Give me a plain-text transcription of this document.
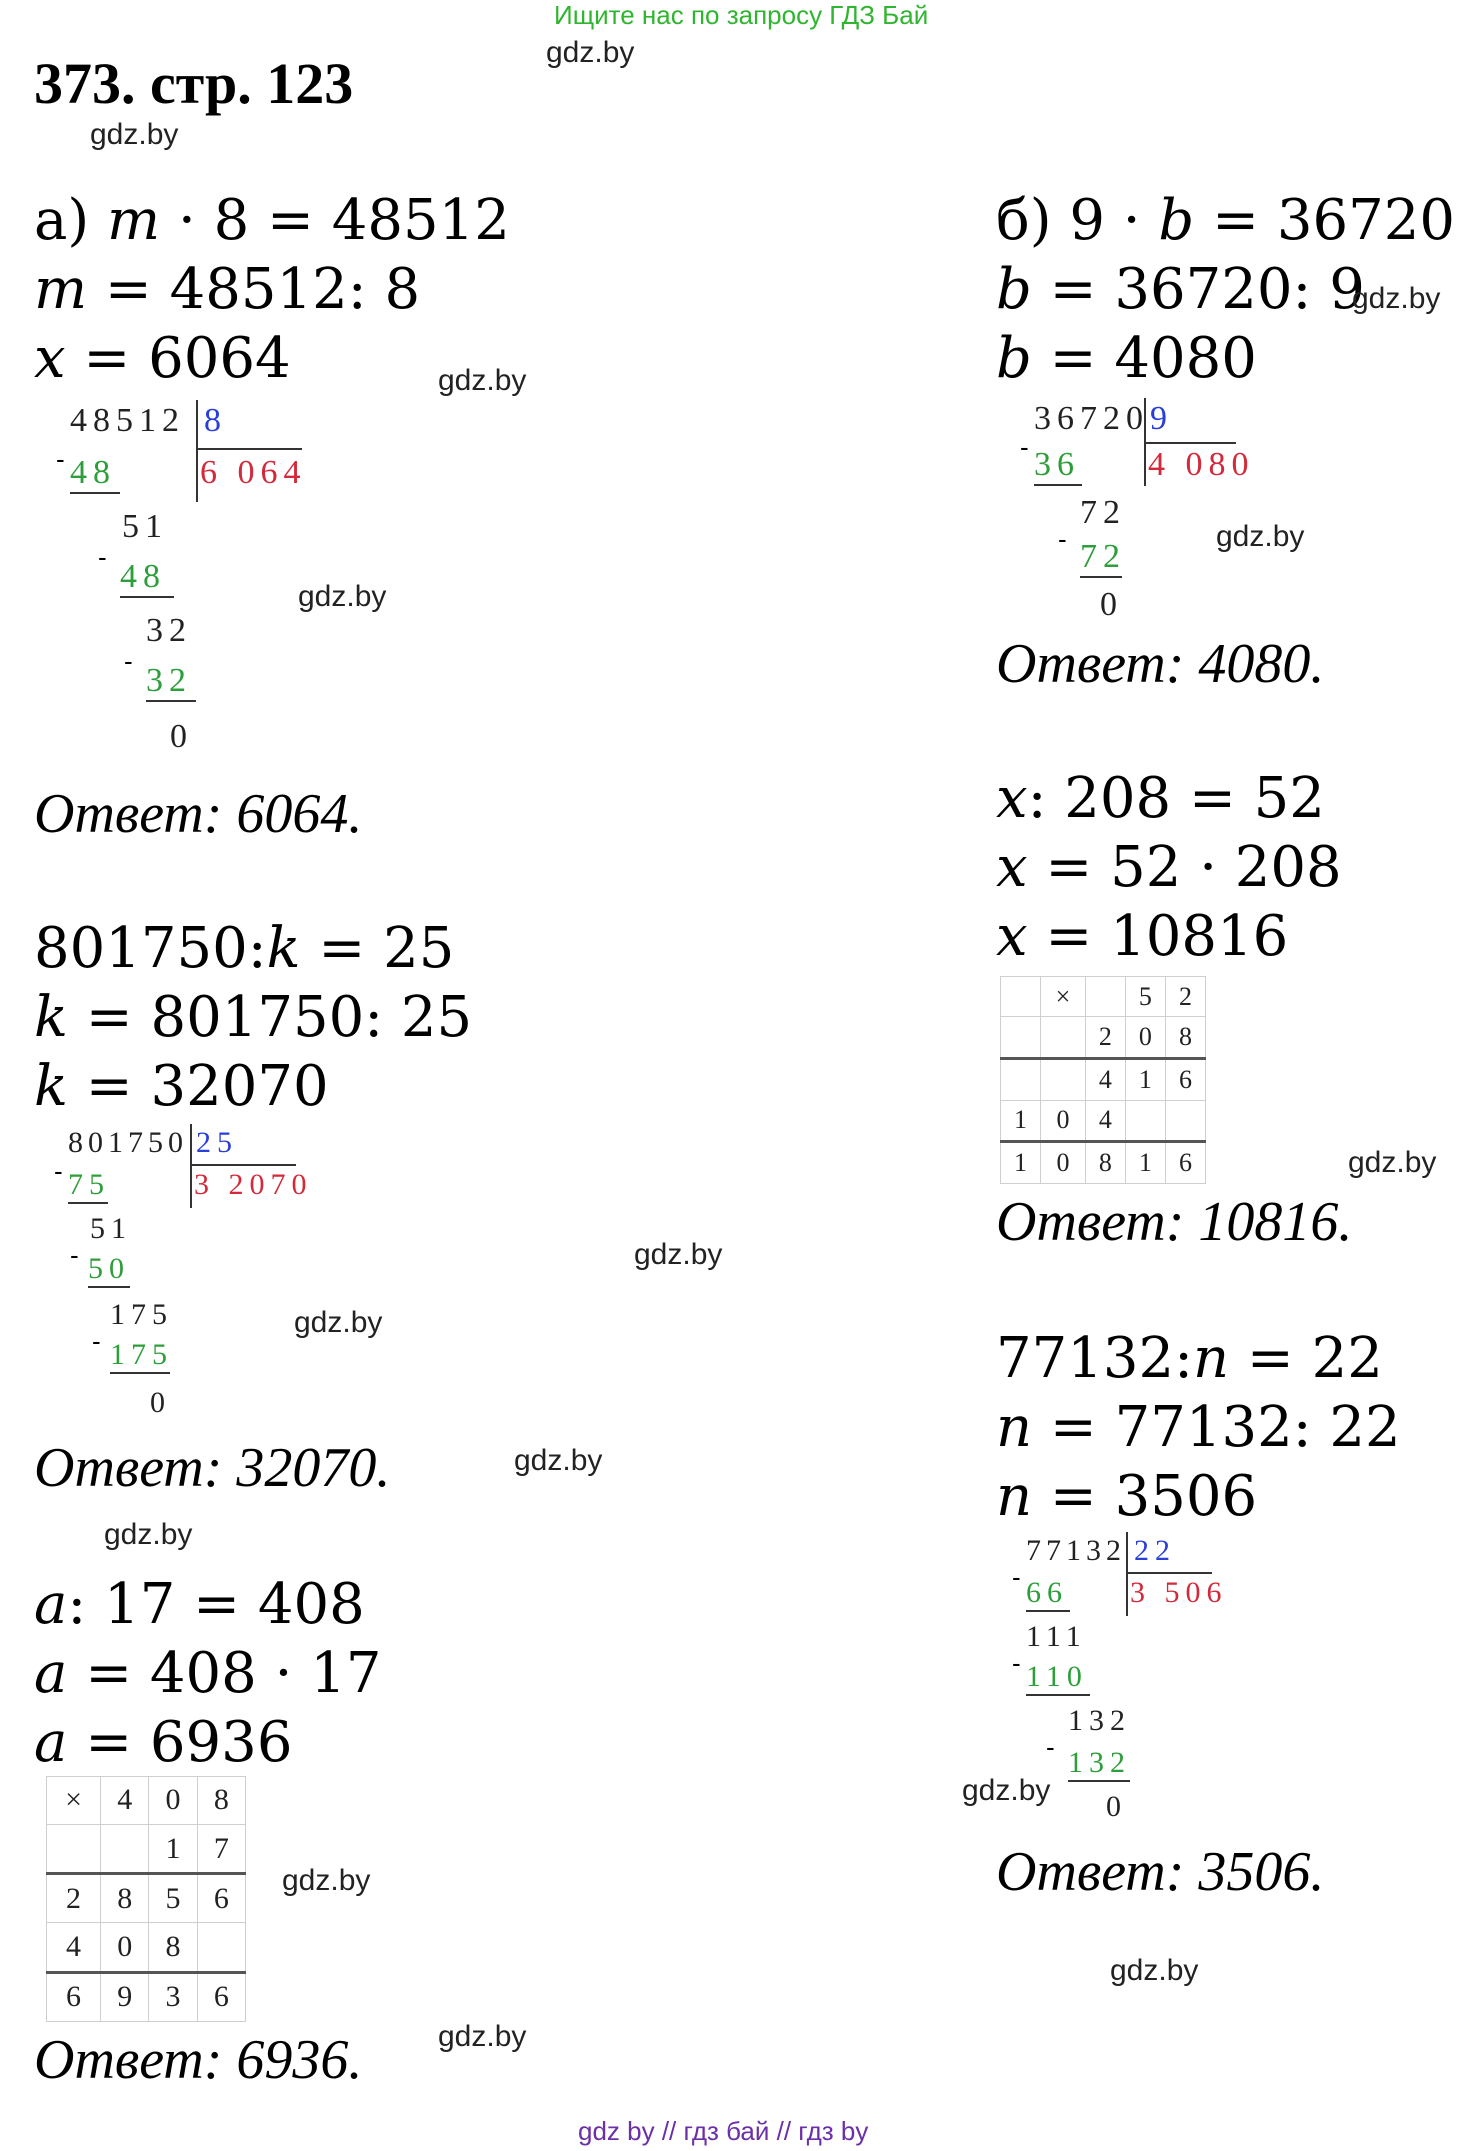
Ищите нас по запросу ГДЗ Бай
gdz.by
373. стр. 123
gdz.by
а) m · 8 = 48512
m = 48512: 8
x = 6064	gdz.by
48512 8
6 064
- 48
51
-
48
32
-
32
0
gdz.by
Ответ: 6064.
б) 9 · b = 36720
b = 36720: 9
b = 4080
gdz.by
36720 9
4 080
- 36
72
- 72
0
gdz.by
Ответ: 4080.
801750:k = 25
k = 801750: 25
k = 32070
801750 25
3 2070
- 75
51
- 50
175
- 175
0
gdz.by
gdz.by
Ответ: 32070.	gdz.by
gdz.by
x: 208 = 52
x = 52 · 208
x = 10816
	×		5	2
		2	0	8
		4	1	6
1	0	4		
1	0	8	1	6	gdz.by
Ответ: 10816.
a: 17 = 408
a = 408 · 17
a = 6936
×	4	0	8
		1	7
2	8	5	6
4	0	8	
6	9	3	6
gdz.by
Ответ: 6936.	gdz.by
77132:n = 22
n = 77132: 22
n = 3506
77132 22
3 506
- 66
111
- 110
132
- 132
0
gdz.by
Ответ: 3506.
gdz.by
gdz by // гдз бай // гдз by
